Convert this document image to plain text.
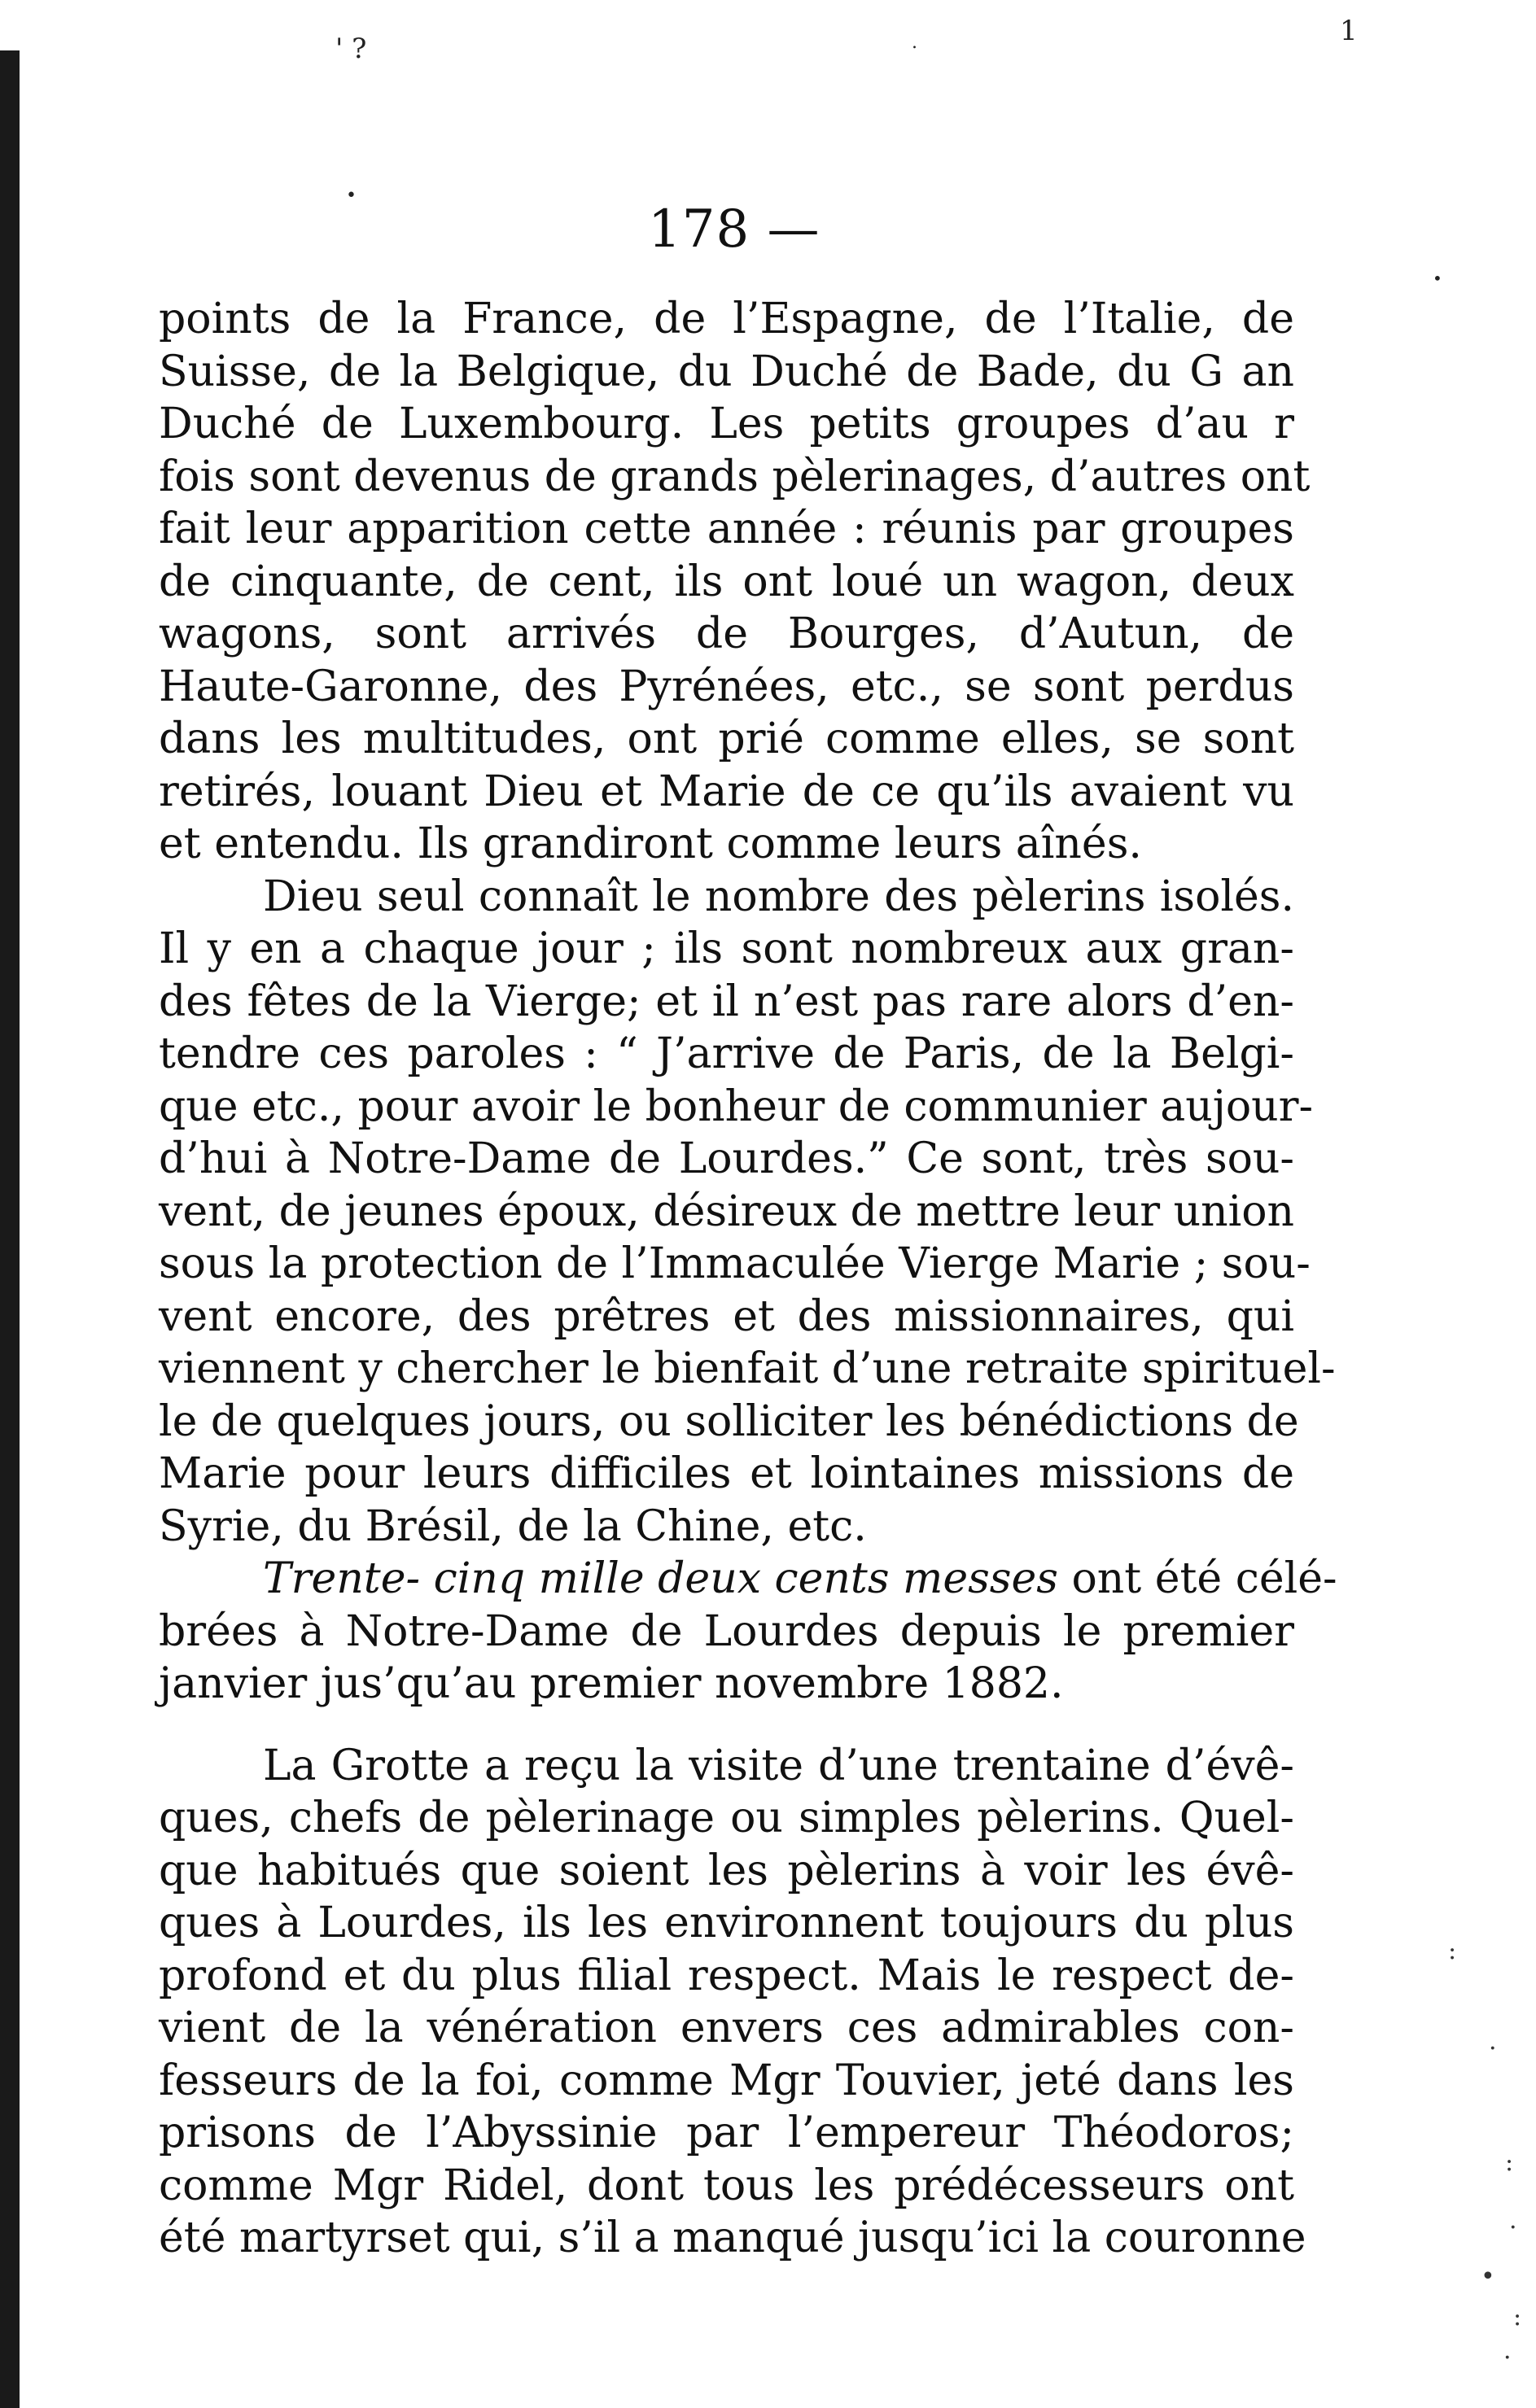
' ?
1
.
•
•
178 —
points de la France, de l’Espagne, de l’Italie, de
Suisse, de la Belgique, du Duché de Bade, du G an
Duché de Luxembourg. Les petits groupes d’au r
fois sont devenus de grands pèlerinages, d’autres ont
fait leur apparition cette année : réunis par groupes
de cinquante, de cent, ils ont loué un wagon, deux
wagons, sont arrivés de Bourges, d’Autun, de
Haute-Garonne, des Pyrénées, etc., se sont perdus
dans les multitudes, ont prié comme elles, se sont
retirés, louant Dieu et Marie de ce qu’ils avaient vu
et entendu. Ils grandiront comme leurs aînés.
Dieu seul connaît le nombre des pèlerins isolés.
Il y en a chaque jour ; ils sont nombreux aux gran-
des fêtes de la Vierge; et il n’est pas rare alors d’en-
tendre ces paroles : “ J’arrive de Paris, de la Belgi-
que etc., pour avoir le bonheur de communier aujour-
d’hui à Notre-Dame de Lourdes.” Ce sont, très sou-
vent, de jeunes époux, désireux de mettre leur union
sous la protection de l’Immaculée Vierge Marie ; sou-
vent encore, des prêtres et des missionnaires, qui
viennent y chercher le bienfait d’une retraite spirituel-
le de quelques jours, ou solliciter les bénédictions de
Marie pour leurs difficiles et lointaines missions de
Syrie, du Brésil, de la Chine, etc.
Trente- cinq mille deux cents messes ont été célé-
brées à Notre-Dame de Lourdes depuis le premier
janvier jus’qu’au premier novembre 1882.
La Grotte a reçu la visite d’une trentaine d’évê-
ques, chefs de pèlerinage ou simples pèlerins. Quel-
que habitués que soient les pèlerins à voir les évê-
ques à Lourdes, ils les environnent toujours du plus
profond et du plus filial respect. Mais le respect de-
vient de la vénération envers ces admirables con-
fesseurs de la foi, comme Mgr Touvier, jeté dans les
prisons de l’Abyssinie par l’empereur Théodoros;
comme Mgr Ridel, dont tous les prédécesseurs ont
été martyrset qui, s’il a manqué jusqu’ici la couronne
:
·
:
·
•
:
·
